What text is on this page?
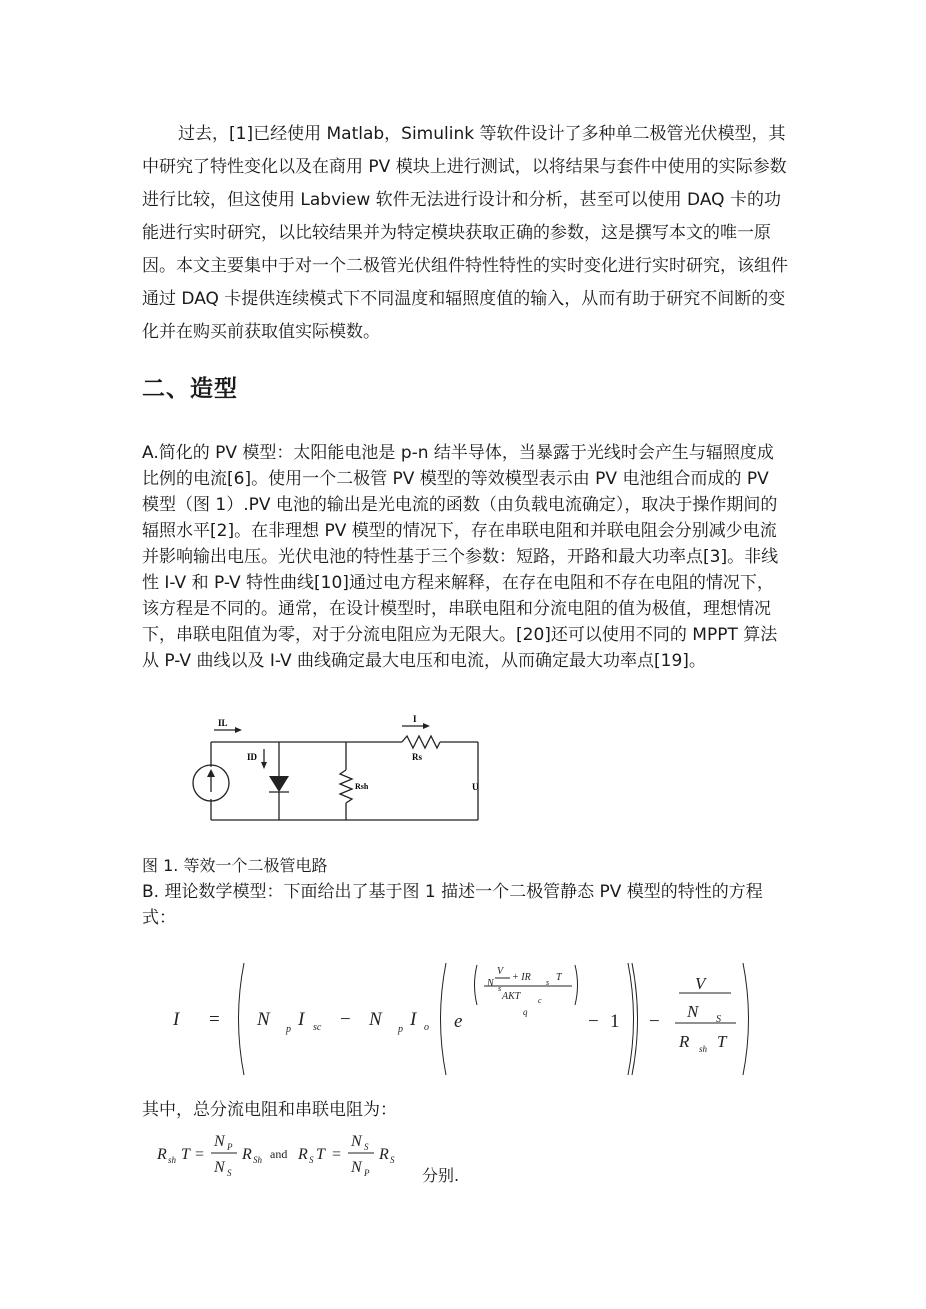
过去，[1]已经使用 Matlab，Simulink 等软件设计了多种单二极管光伏模型，其中研究了特性变化以及在商用 PV 模块上进行测试，以将结果与套件中使用的实际参数进行比较，但这使用 Labview 软件无法进行设计和分析，甚至可以使用 DAQ 卡的功能进行实时研究，以比较结果并为特定模块获取正确的参数，这是撰写本文的唯一原因。本文主要集中于对一个二极管光伏组件特性特性的实时变化进行实时研究，该组件通过 DAQ 卡提供连续模式下不同温度和辐照度值的输入，从而有助于研究不间断的变化并在购买前获取值实际模数。
二、造型
A.简化的 PV 模型：太阳能电池是 p-n 结半导体，当暴露于光线时会产生与辐照度成比例的电流[6]。使用一个二极管 PV 模型的等效模型表示由 PV 电池组合而成的 PV 模型（图 1）.PV 电池的输出是光电流的函数（由负载电流确定），取决于操作期间的辐照水平[2]。在非理想 PV 模型的情况下，存在串联电阻和并联电阻会分别减少电流并影响输出电压。光伏电池的特性基于三个参数：短路，开路和最大功率点[3]。非线性 I-V 和 P-V 特性曲线[10]通过电方程来解释，在存在电阻和不存在电阻的情况下，该方程是不同的。通常，在设计模型时，串联电阻和分流电阻的值为极值，理想情况下，串联电阻值为零，对于分流电阻应为无限大。[20]还可以使用不同的 MPPT 算法从 P-V 曲线以及 I-V 曲线确定最大电压和电流，从而确定最大功率点[19]。
IL
ID
Rsh
I
Rs
U
图 1. 等效一个二极管电路
B. 理论数学模型：下面给出了基于图 1 描述一个二极管静态 PV 模型的特性的方程式：
I	N p I sc	N p I o e
V
N s
+ IR s T
AKT c
q
V
N S
R sh T
=	−	− 1 −
其中，总分流电阻和串联电阻为：
R sh T
N P
N S
R Sh R S T
N S
N P
R S
=	and	=
分别.
